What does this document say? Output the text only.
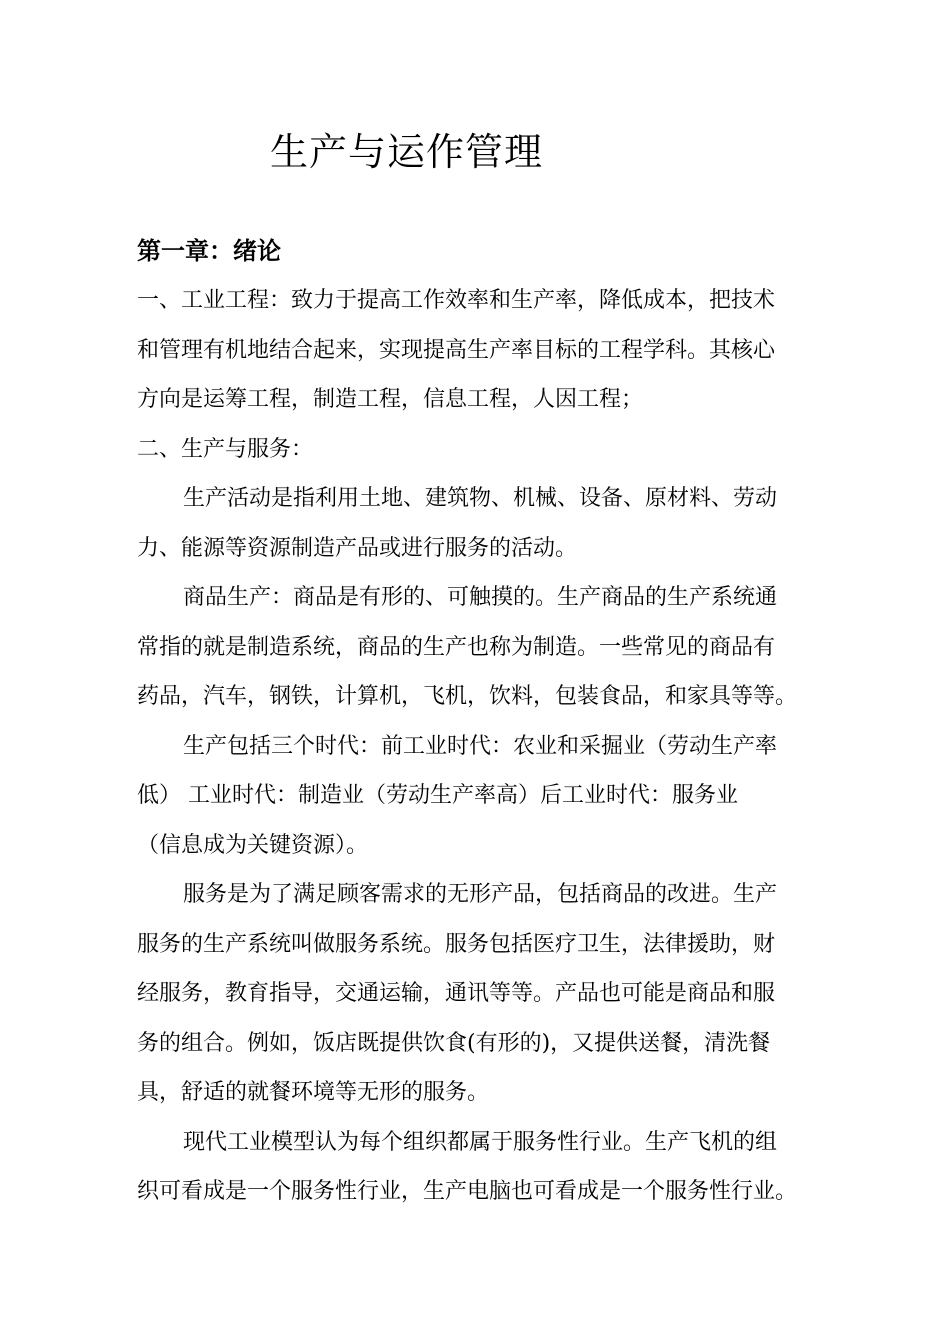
生产与运作管理
第一章：绪论
一、工业工程：致力于提高工作效率和生产率，降低成本，把技术
和管理有机地结合起来，实现提高生产率目标的工程学科。其核心
方向是运筹工程，制造工程，信息工程，人因工程；
二、生产与服务：
生产活动是指利用土地、建筑物、机械、设备、原材料、劳动
力、能源等资源制造产品或进行服务的活动。
商品生产：商品是有形的、可触摸的。生产商品的生产系统通
常指的就是制造系统，商品的生产也称为制造。一些常见的商品有
药品，汽车，钢铁，计算机，飞机，饮料，包装食品，和家具等等。
生产包括三个时代：前工业时代：农业和采掘业（劳动生产率
低） 工业时代：制造业（劳动生产率高）后工业时代：服务业
（信息成为关键资源）。
服务是为了满足顾客需求的无形产品，包括商品的改进。生产
服务的生产系统叫做服务系统。服务包括医疗卫生，法律援助，财
经服务，教育指导，交通运输，通讯等等。产品也可能是商品和服
务的组合。例如，饭店既提供饮食(有形的)，又提供送餐，清洗餐
具，舒适的就餐环境等无形的服务。
现代工业模型认为每个组织都属于服务性行业。生产飞机的组
织可看成是一个服务性行业，生产电脑也可看成是一个服务性行业。
